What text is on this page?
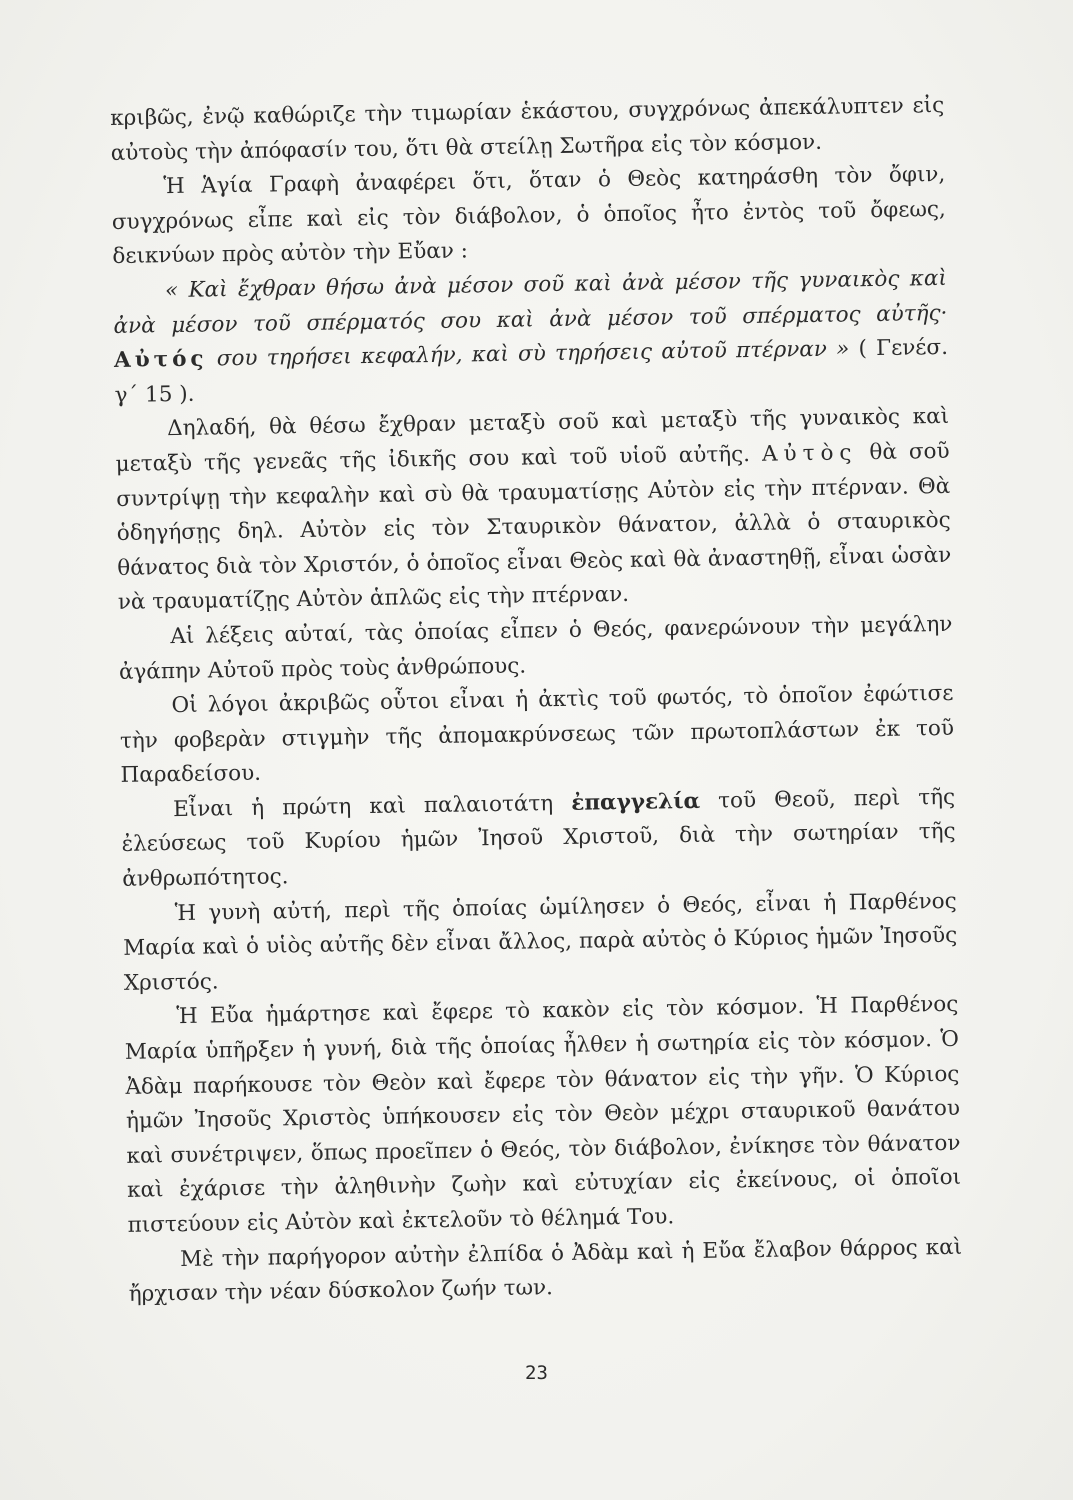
κριβῶς, ἐνῷ καθώριζε τὴν τιμωρίαν ἑκάστου, συγχρόνως ἀπεκάλυπτεν εἰς αὐτοὺς τὴν ἀπόφασίν του, ὅτι θὰ στείλῃ Σωτῆρα εἰς τὸν κόσμον.

Ἡ Ἁγία Γραφὴ ἀναφέρει ὅτι, ὅταν ὁ Θεὸς κατηράσθη τὸν ὄφιν, συγχρόνως εἶπε καὶ εἰς τὸν διάβολον, ὁ ὁποῖος ἦτο ἐντὸς τοῦ ὄφεως, δεικνύων πρὸς αὐτὸν τὴν Εὔαν :

« Καὶ ἔχθραν θήσω ἀνὰ μέσον σοῦ καὶ ἀνὰ μέσον τῆς γυναικὸς καὶ ἀνὰ μέσον τοῦ σπέρματός σου καὶ ἀνὰ μέσον τοῦ σπέρματος αὐτῆς· Αὐτός σου τηρήσει κεφαλήν, καὶ σὺ τηρήσεις αὐτοῦ πτέρναν » ( Γενέσ. γ΄ 15 ).

Δηλαδή, θὰ θέσω ἔχθραν μεταξὺ σοῦ καὶ μεταξὺ τῆς γυναικὸς καὶ μεταξὺ τῆς γενεᾶς τῆς ἰδικῆς σου καὶ τοῦ υἱοῦ αὐτῆς. Αὐτὸς θὰ σοῦ συντρίψῃ τὴν κεφαλὴν καὶ σὺ θὰ τραυματίσῃς Αὐτὸν εἰς τὴν πτέρναν. Θὰ ὁδηγήσῃς δηλ. Αὐτὸν εἰς τὸν Σταυρικὸν θάνατον, ἀλλὰ ὁ σταυρικὸς θάνατος διὰ τὸν Χριστόν, ὁ ὁποῖος εἶναι Θεὸς καὶ θὰ ἀναστηθῇ, εἶναι ὡσὰν νὰ τραυματίζῃς Αὐτὸν ἁπλῶς εἰς τὴν πτέρναν.

Αἱ λέξεις αὐταί, τὰς ὁποίας εἶπεν ὁ Θεός, φανερώνουν τὴν μεγάλην ἀγάπην Αὐτοῦ πρὸς τοὺς ἀνθρώπους.

Οἱ λόγοι ἀκριβῶς οὗτοι εἶναι ἡ ἀκτὶς τοῦ φωτός, τὸ ὁποῖον ἐφώτισε τὴν φοβερὰν στιγμὴν τῆς ἀπομακρύνσεως τῶν πρωτοπλάστων ἐκ τοῦ Παραδείσου.

Εἶναι ἡ πρώτη καὶ παλαιοτάτη ἐπαγγελία τοῦ Θεοῦ, περὶ τῆς ἐλεύσεως τοῦ Κυρίου ἡμῶν Ἰησοῦ Χριστοῦ, διὰ τὴν σωτηρίαν τῆς ἀνθρωπότητος.

Ἡ γυνὴ αὐτή, περὶ τῆς ὁποίας ὡμίλησεν ὁ Θεός, εἶναι ἡ Παρθένος Μαρία καὶ ὁ υἱὸς αὐτῆς δὲν εἶναι ἄλλος, παρὰ αὐτὸς ὁ Κύριος ἡμῶν Ἰησοῦς Χριστός.

Ἡ Εὔα ἡμάρτησε καὶ ἔφερε τὸ κακὸν εἰς τὸν κόσμον. Ἡ Παρθένος Μαρία ὑπῆρξεν ἡ γυνή, διὰ τῆς ὁποίας ἦλθεν ἡ σωτηρία εἰς τὸν κόσμον. Ὁ Ἀδὰμ παρήκουσε τὸν Θεὸν καὶ ἔφερε τὸν θάνατον εἰς τὴν γῆν. Ὁ Κύριος ἡμῶν Ἰησοῦς Χριστὸς ὑπήκουσεν εἰς τὸν Θεὸν μέχρι σταυρικοῦ θανάτου καὶ συνέτριψεν, ὅπως προεῖπεν ὁ Θεός, τὸν διάβολον, ἐνίκησε τὸν θάνατον καὶ ἐχάρισε τὴν ἀληθινὴν ζωὴν καὶ εὐτυχίαν εἰς ἐκείνους, οἱ ὁποῖοι πιστεύουν εἰς Αὐτὸν καὶ ἐκτελοῦν τὸ θέλημά Του.

Μὲ τὴν παρήγορον αὐτὴν ἐλπίδα ὁ Ἀδὰμ καὶ ἡ Εὔα ἔλαβον θάρρος καὶ ἤρχισαν τὴν νέαν δύσκολον ζωήν των.

23
